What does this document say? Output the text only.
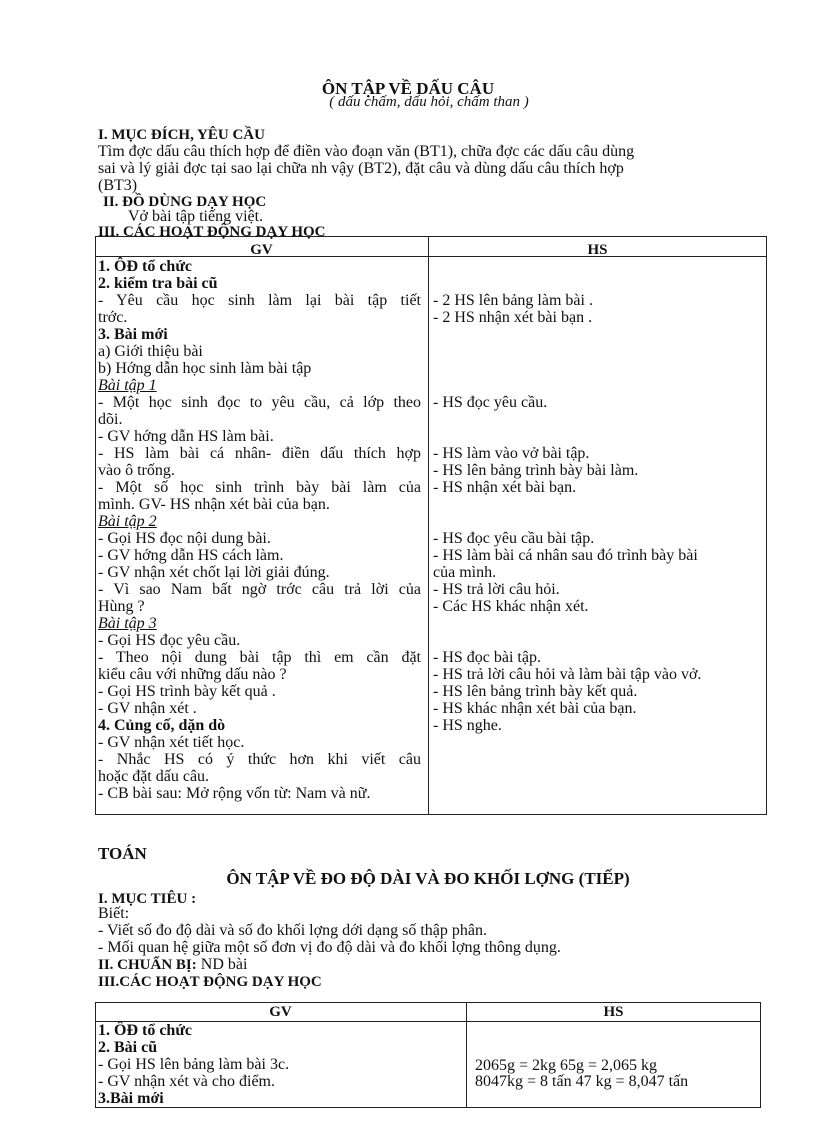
ÔN TẬP VỀ DẤU CÂU
( dấu chấm, dấu hỏi, chấm than )
I. MỤC ĐÍCH, YÊU CẦU
Tìm đợc dấu câu thích hợp để điền vào đoạn văn (BT1), chữa đợc các dấu câu dùng
sai và lý giải đợc tại sao lại chữa nh vậy (BT2), đặt câu và dùng dấu câu thích hợp
(BT3)
II. ĐỒ DÙNG DẠY HỌC
Vở bài tập tiếng việt.
III. CÁC HOẠT ĐỘNG DẠY HỌC
GV	HS
1. ÔĐ tổ chức
2. kiểm tra bài cũ
- Yêu cầu học sinh làm lại bài tập tiết
trớc.
3. Bài mới
a) Giới thiệu bài
b) Hớng dẫn học sinh làm bài tập
Bài tập 1
- Một học sinh đọc to yêu cầu, cả lớp theo
dõi.
- GV hớng dẫn HS làm bài.
- HS làm bài cá nhân- điền dấu thích hợp
vào ô trống.
- Một số học sinh trình bày bài làm của
mình. GV- HS nhận xét bài của bạn.
Bài tập 2
- Gọi HS đọc nội dung bài.
- GV hớng dẫn HS cách làm.
- GV nhận xét chốt lại lời giải đúng.
- Vì sao Nam bất ngờ trớc câu trả lời của
Hùng ?
Bài tập 3
- Gọi HS đọc yêu cầu.
- Theo nội dung bài tập thì em cần đặt
kiểu câu với những dấu nào ?
- Gọi HS trình bày kết quả .
- GV nhận xét .
4. Củng cố, dặn dò
- GV nhận xét tiết học.
- Nhắc HS có ý thức hơn khi viết câu
hoặc đặt dấu câu.
- CB bài sau: Mở rộng vốn từ: Nam và nữ.
- 2 HS lên bảng làm bài .
- 2 HS nhận xét bài bạn .
- HS đọc yêu cầu.
- HS làm vào vở bài tập.
- HS lên bảng trình bày bài làm.
- HS nhận xét bài bạn.
- HS đọc yêu cầu bài tập.
- HS làm bài cá nhân sau đó trình bày bài
của mình.
- HS trả lời câu hỏi.
- Các HS khác nhận xét.
- HS đọc bài tập.
- HS trả lời câu hỏi và làm bài tập vào vở.
- HS lên bảng trình bày kết quả.
- HS khác nhận xét bài của bạn.
- HS nghe.
TOÁN
ÔN TẬP VỀ ĐO ĐỘ DÀI VÀ ĐO KHỐI LỢNG (TIẾP)
I. MỤC TIÊU :
Biết:
- Viết số đo độ dài và số đo khối lợng dới dạng số thập phân.
- Mối quan hệ giữa một số đơn vị đo độ dài và đo khối lợng thông dụng.
II. CHUẨN BỊ: ND bài
III.CÁC HOẠT ĐỘNG DẠY HỌC
GV	HS
1. ÔĐ tổ chức
2. Bài cũ
- Gọi HS lên bảng làm bài 3c.
- GV nhận xét và cho điểm.
3.Bài mới
2065g = 2kg 65g = 2,065 kg
8047kg = 8 tấn 47 kg = 8,047 tấn
